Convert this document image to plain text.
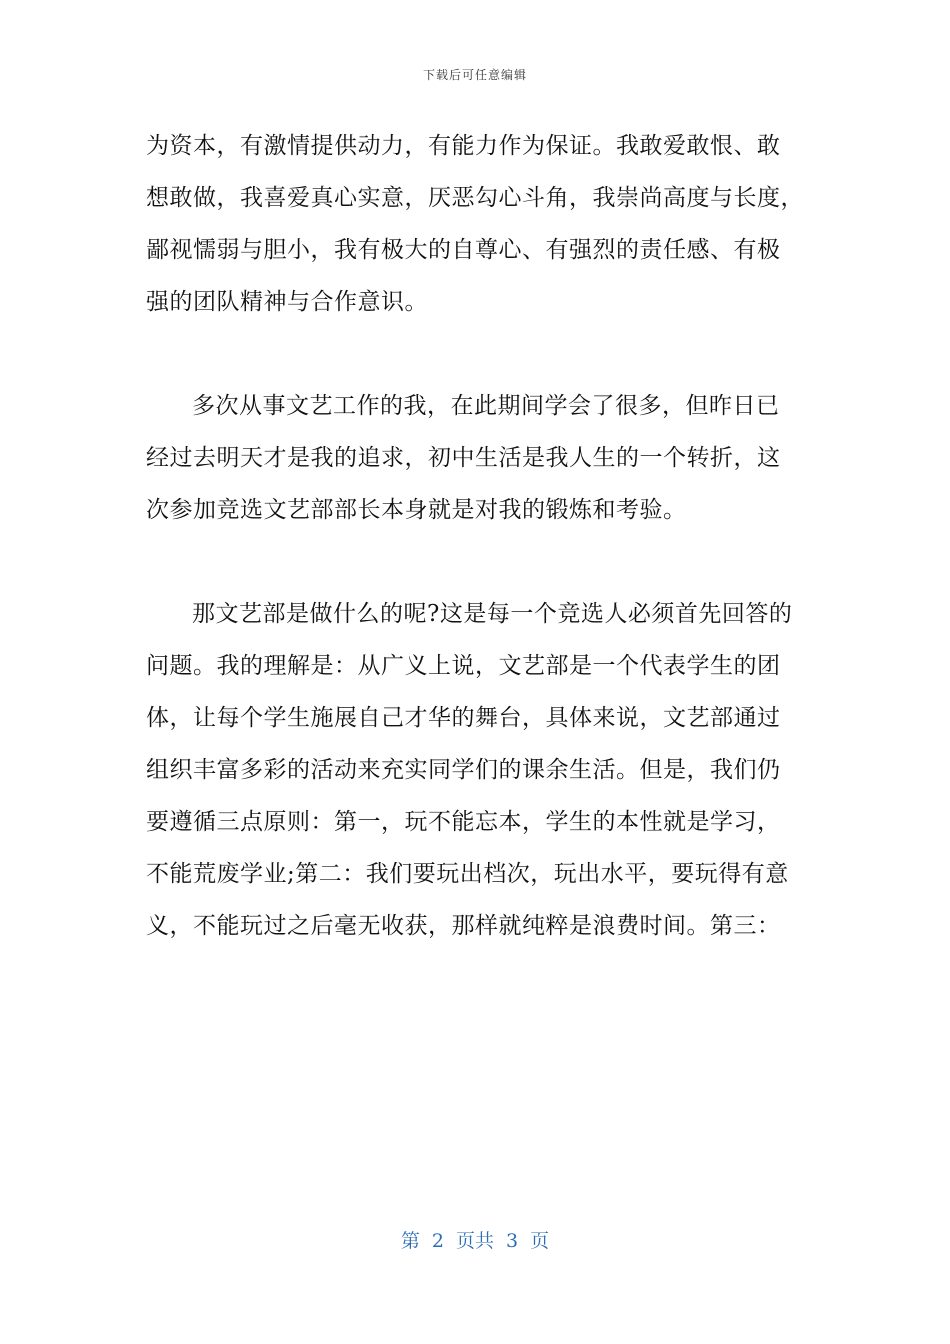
下载后可任意编辑
为资本，有激情提供动力，有能力作为保证。我敢爱敢恨、敢
想敢做，我喜爱真心实意，厌恶勾心斗角，我崇尚高度与长度，
鄙视懦弱与胆小，我有极大的自尊心、有强烈的责任感、有极
强的团队精神与合作意识。
多次从事文艺工作的我，在此期间学会了很多，但昨日已
经过去明天才是我的追求，初中生活是我人生的一个转折，这
次参加竞选文艺部部长本身就是对我的锻炼和考验。
那文艺部是做什么的呢?这是每一个竞选人必须首先回答的
问题。我的理解是：从广义上说，文艺部是一个代表学生的团
体，让每个学生施展自己才华的舞台，具体来说，文艺部通过
组织丰富多彩的活动来充实同学们的课余生活。但是，我们仍
要遵循三点原则：第一，玩不能忘本，学生的本性就是学习，
不能荒废学业;第二：我们要玩出档次，玩出水平，要玩得有意
义，不能玩过之后毫无收获，那样就纯粹是浪费时间。第三：
第 2 页共 3 页
